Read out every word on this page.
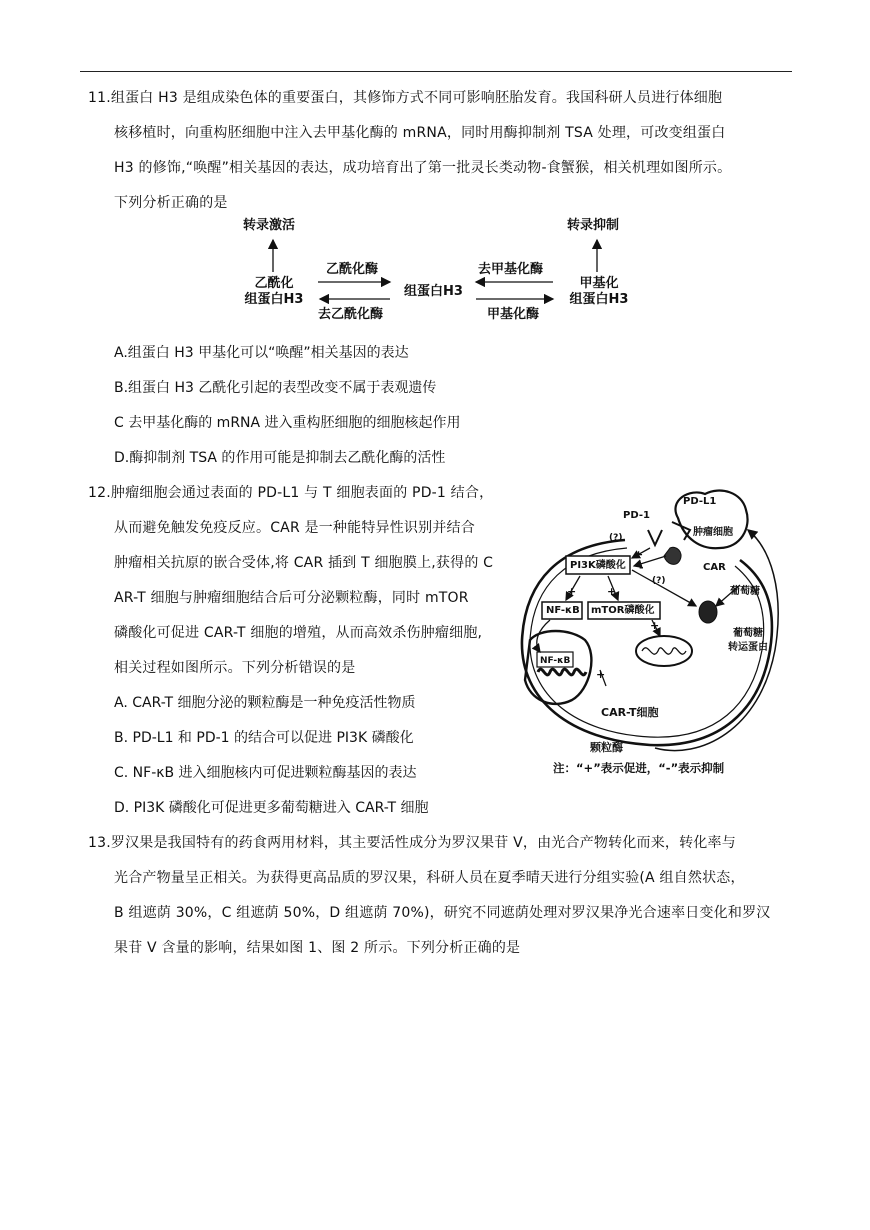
11.组蛋白 H3 是组成染色体的重要蛋白，其修饰方式不同可影响胚胎发育。我国科研人员进行体细胞
核移植时，向重构胚细胞中注入去甲基化酶的 mRNA，同时用酶抑制剂 TSA 处理，可改变组蛋白
H3 的修饰,“唤醒”相关基因的表达，成功培育出了第一批灵长类动物-食蟹猴，相关机理如图所示。
下列分析正确的是
转录激活	转录抑制
乙酰化
组蛋白H3
组蛋白H3
甲基化
组蛋白H3
乙酰化酶
去乙酰化酶
去甲基化酶
甲基化酶
A.组蛋白 H3 甲基化可以“唤醒”相关基因的表达
B.组蛋白 H3 乙酰化引起的表型改变不属于表观遗传
C 去甲基化酶的 mRNA 进入重构胚细胞的细胞核起作用
D.酶抑制剂 TSA 的作用可能是抑制去乙酰化酶的活性
12.肿瘤细胞会通过表面的 PD-L1 与 T 细胞表面的 PD-1 结合，
从而避免触发免疫反应。CAR 是一种能特异性识别并结合
肿瘤相关抗原的嵌合受体,将 CAR 插到 T 细胞膜上,获得的 C
AR-T 细胞与肿瘤细胞结合后可分泌颗粒酶，同时 mTOR
磷酸化可促进 CAR-T 细胞的增殖，从而高效杀伤肿瘤细胞,
相关过程如图所示。下列分析错误的是
A. CAR-T 细胞分泌的颗粒酶是一种免疫活性物质
B. PD-L1 和 PD-1 的结合可以促进 PI3K 磷酸化
C. NF-κB 进入细胞核内可促进颗粒酶基因的表达
D. PI3K 磷酸化可促进更多葡萄糖进入 CAR-T 细胞
PD-1
PD-L1
肿瘤细胞
CAR
PI3K磷酸化
NF-κB mTOR磷酸化
NF-κB
葡萄糖
葡萄糖
转运蛋白
CAR-T细胞
颗粒酶
注：“+”表示促进，“-”表示抑制
(?)
(?)
+
-
+	+
+
+
13.罗汉果是我国特有的药食两用材料，其主要活性成分为罗汉果苷 V，由光合产物转化而来，转化率与
光合产物量呈正相关。为获得更高品质的罗汉果，科研人员在夏季晴天进行分组实验(A 组自然状态，
B 组遮荫 30%，C 组遮荫 50%，D 组遮荫 70%)，研究不同遮荫处理对罗汉果净光合速率日变化和罗汉
果苷 V 含量的影响，结果如图 1、图 2 所示。下列分析正确的是
